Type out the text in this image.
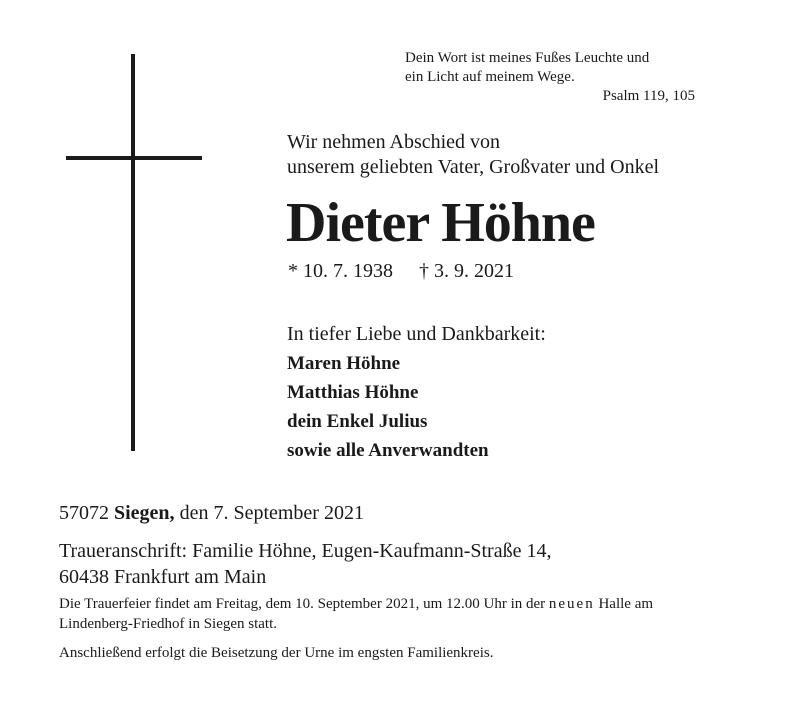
Dein Wort ist meines Fußes Leuchte und
ein Licht auf meinem Wege.
Psalm 119, 105
Wir nehmen Abschied von
unserem geliebten Vater, Großvater und Onkel
Dieter Höhne
* 10. 7. 1938 † 3. 9. 2021
In tiefer Liebe und Dankbarkeit:
Maren Höhne
Matthias Höhne
dein Enkel Julius
sowie alle Anverwandten
57072 Siegen, den 7. September 2021
Traueranschrift: Familie Höhne, Eugen-Kaufmann-Straße 14,
60438 Frankfurt am Main
Die Trauerfeier findet am Freitag, dem 10. September 2021, um 12.00 Uhr in der neuen Halle am
Lindenberg-Friedhof in Siegen statt.
Anschließend erfolgt die Beisetzung der Urne im engsten Familienkreis.
